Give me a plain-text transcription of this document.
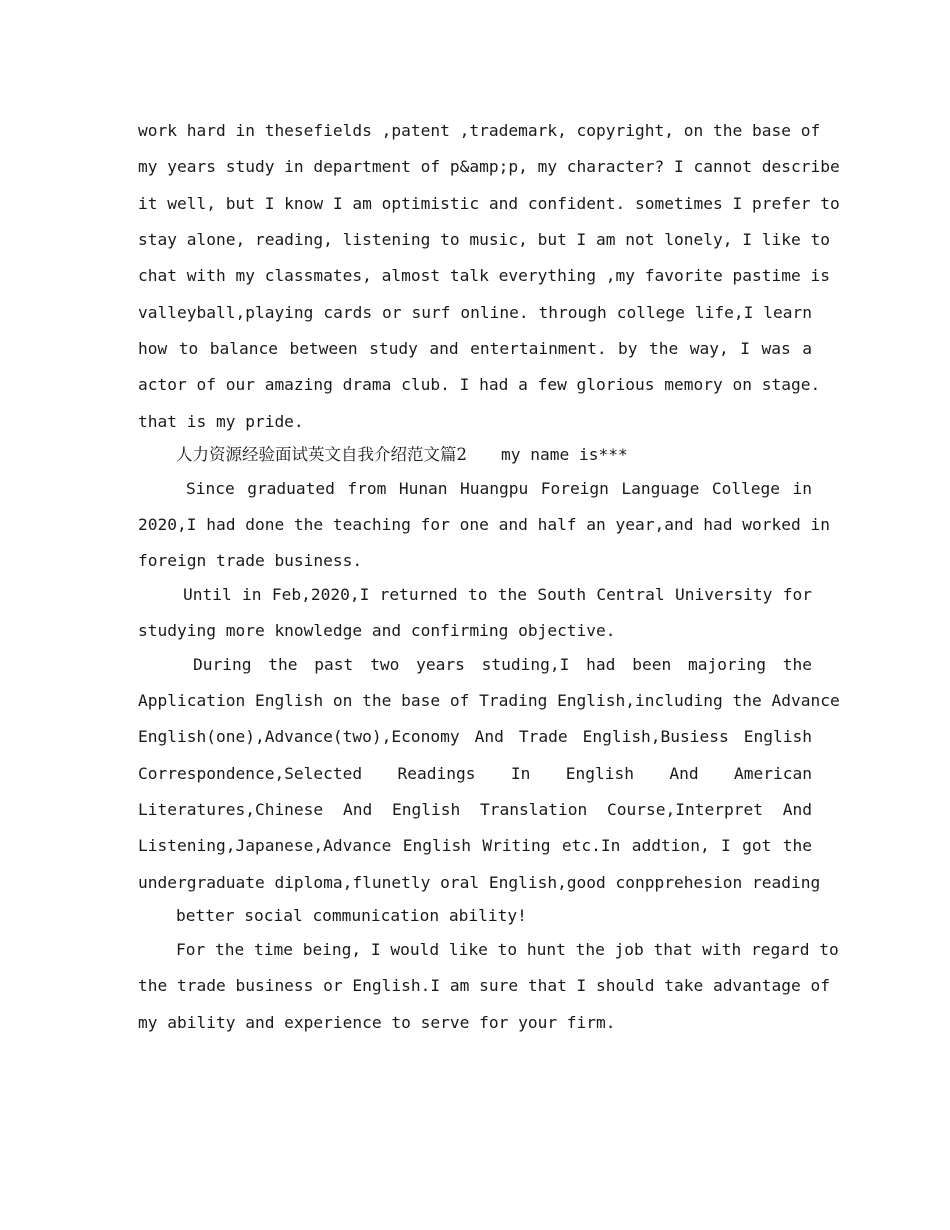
work hard in thesefields ,patent ,trademark, copyright, on the base of
my years study in department of p&amp;p, my character? I cannot describe
it well, but I know I am optimistic and confident. sometimes I prefer to
stay alone, reading, listening to music, but I am not lonely, I like to
chat with my classmates, almost talk everything ,my favorite pastime is
valleyball,playing cards or surf online. through college life,I learn
how to balance between study and entertainment. by the way, I was a
actor of our amazing drama club. I had a few glorious memory on stage.
that is my pride.
人力资源经验面试英文自我介绍范文篇2 my name is***
Since graduated from Hunan Huangpu Foreign Language College in
2020,I had done the teaching for one and half an year,and had worked in
foreign trade business.
Until in Feb,2020,I returned to the South Central University for
studying more knowledge and confirming objective.
During the past two years studing,I had been majoring the
Application English on the base of Trading English,including the Advance
English(one),Advance(two),Economy And Trade English,Busiess English
Correspondence,Selected Readings In English And American
Literatures,Chinese And English Translation Course,Interpret And
Listening,Japanese,Advance English Writing etc.In addtion, I got the
undergraduate diploma,flunetly oral English,good conpprehesion reading
better social communication ability!
For the time being, I would like to hunt the job that with regard to
the trade business or English.I am sure that I should take advantage of
my ability and experience to serve for your firm.
